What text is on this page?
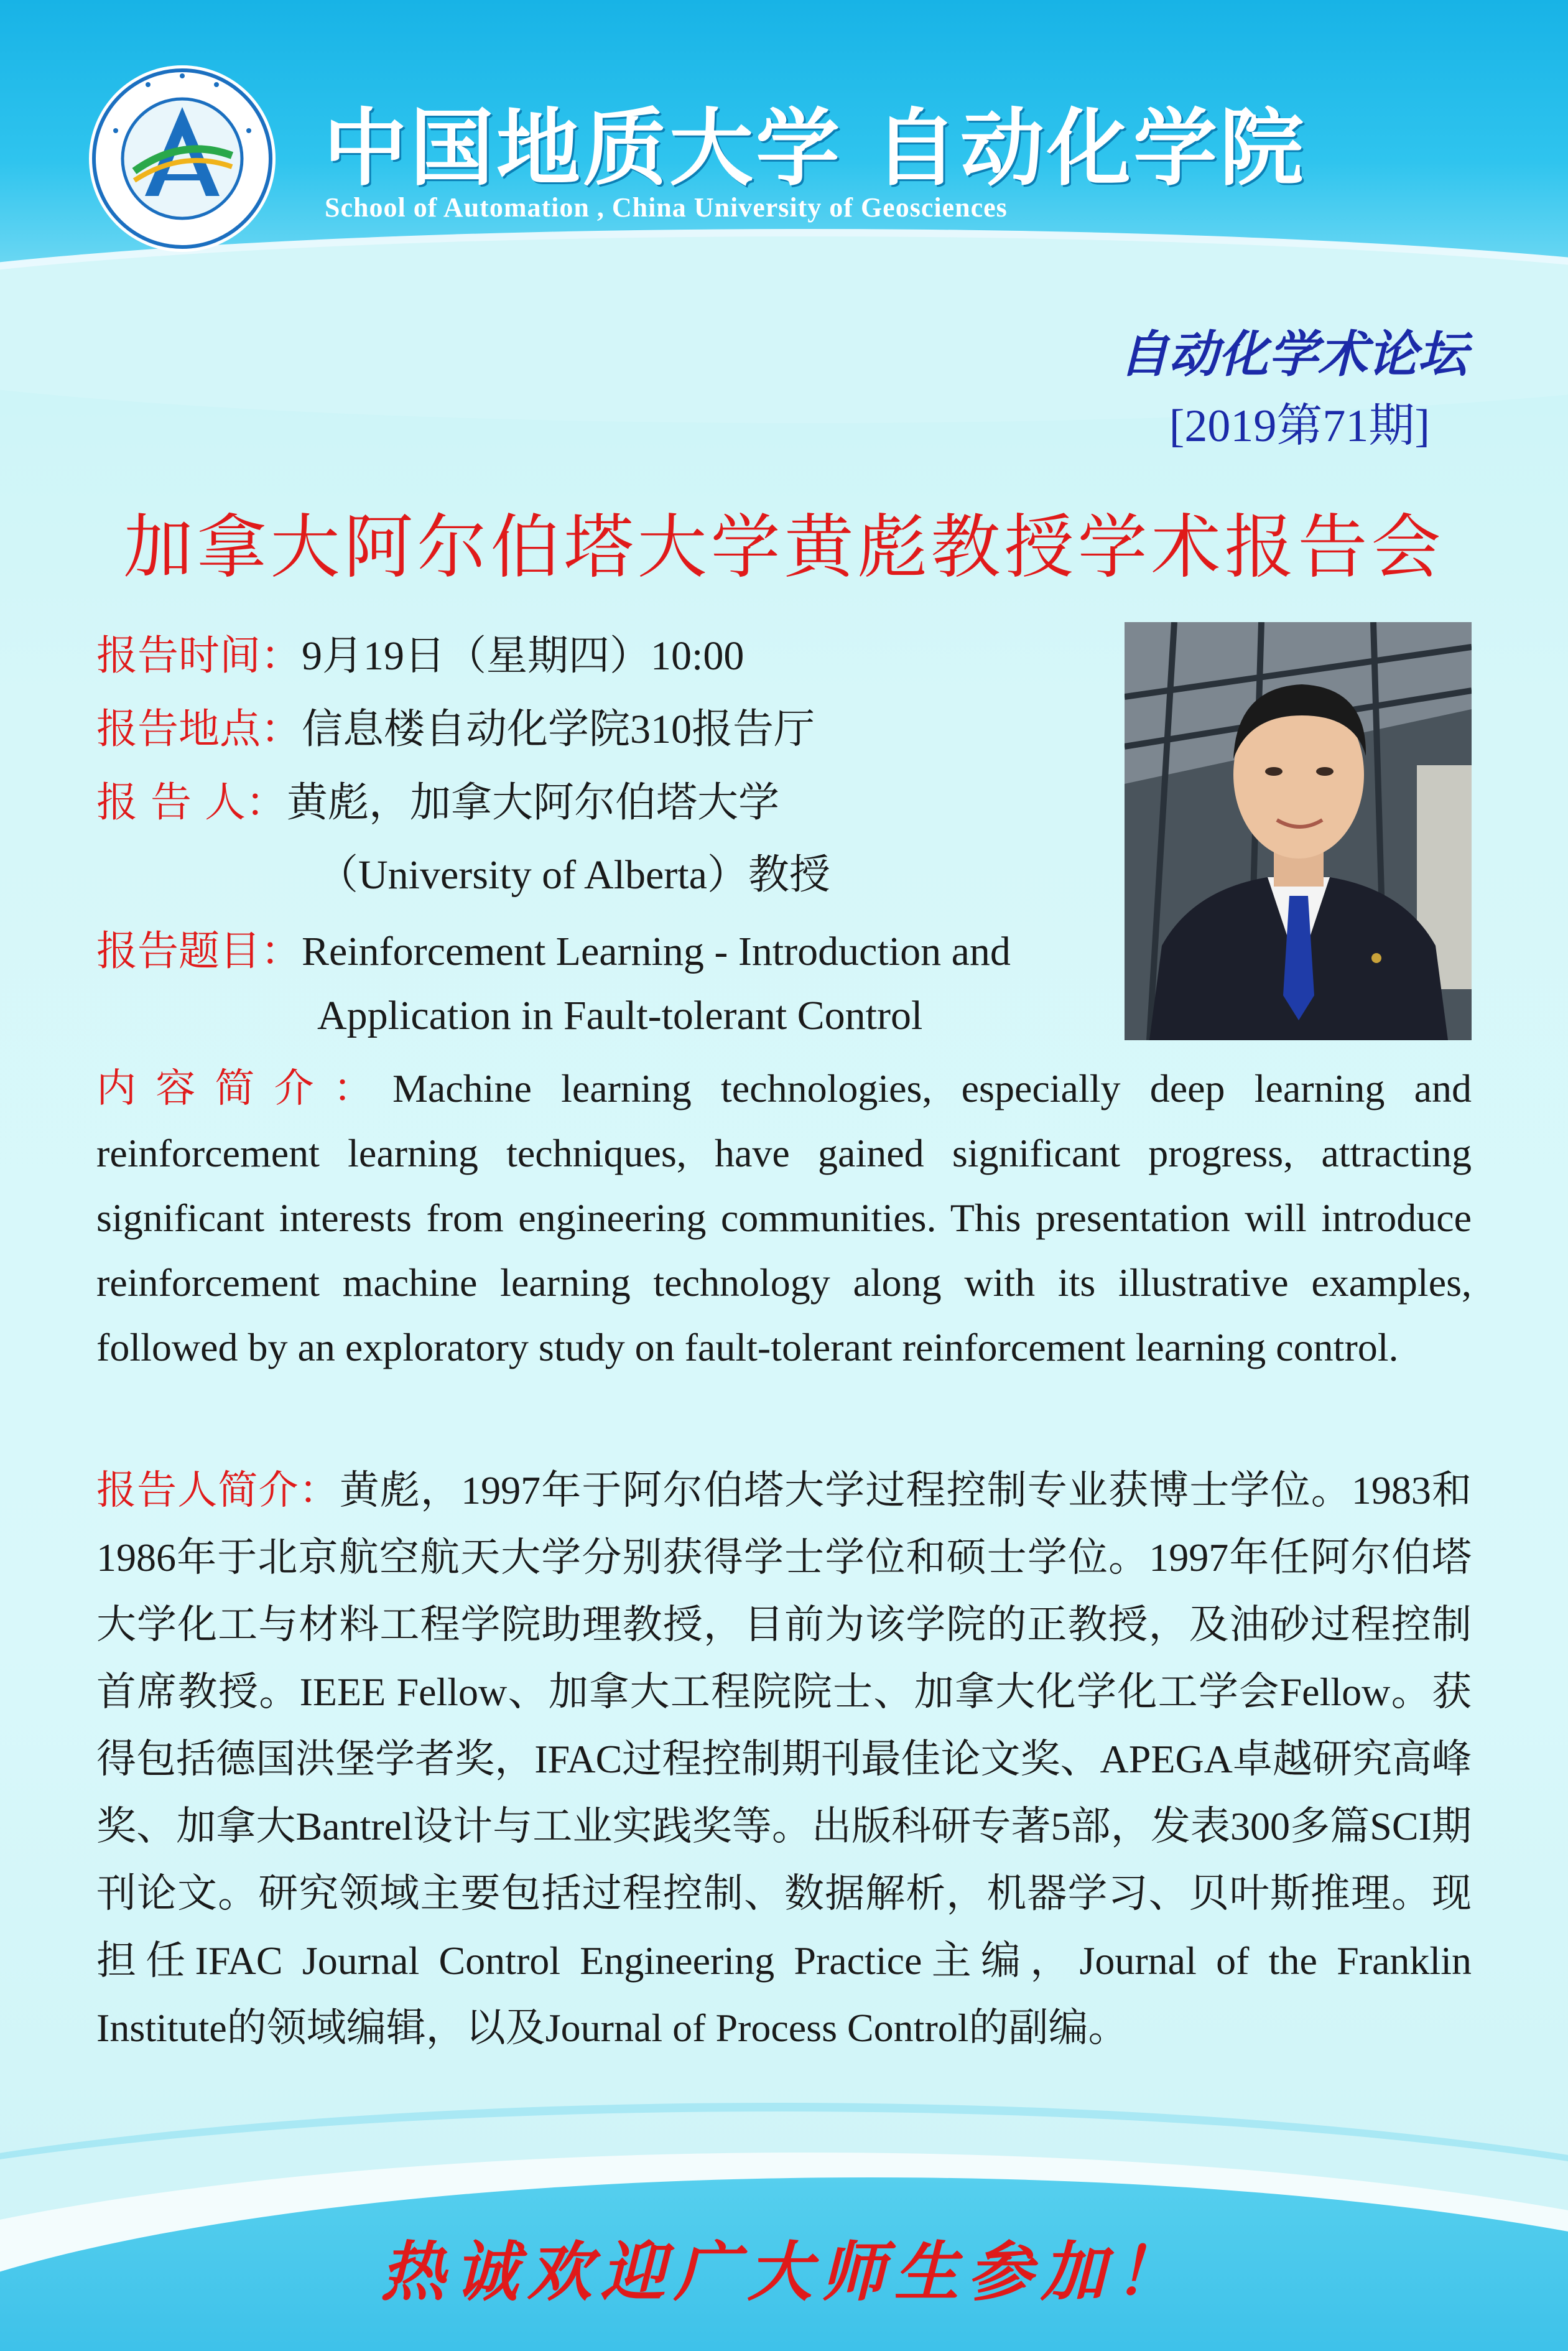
中国地质大学 自动化学院
School of Automation , China University of Geosciences
自动化学术论坛
[2019第71期]
加拿大阿尔伯塔大学黄彪教授学术报告会
报告时间：9月19日（星期四）10:00
报告地点：信息楼自动化学院310报告厅
报 告 人：黄彪，加拿大阿尔伯塔大学
（University of Alberta）教授
报告题目：Reinforcement Learning - Introduction and
Application in Fault-tolerant Control
内容简介：Machine learning technologies, especially deep learning and reinforcement learning techniques, have gained significant progress, attracting significant interests from engineering communities. This presentation will introduce reinforcement machine learning technology along with its illustrative examples, followed by an exploratory study on fault-tolerant reinforcement learning control.
报告人简介：黄彪，1997年于阿尔伯塔大学过程控制专业获博士学位。1983和1986年于北京航空航天大学分别获得学士学位和硕士学位。1997年任阿尔伯塔大学化工与材料工程学院助理教授，目前为该学院的正教授，及油砂过程控制首席教授。IEEE Fellow、加拿大工程院院士、加拿大化学化工学会Fellow。获得包括德国洪堡学者奖，IFAC过程控制期刊最佳论文奖、APEGA卓越研究高峰奖、加拿大Bantrel设计与工业实践奖等。出版科研专著5部，发表300多篇SCI期刊论文。研究领域主要包括过程控制、数据解析，机器学习、贝叶斯推理。现担任IFAC Journal Control Engineering Practice主编，Journal of the Franklin Institute的领域编辑，以及Journal of Process Control的副编。
热诚欢迎广大师生参加！
